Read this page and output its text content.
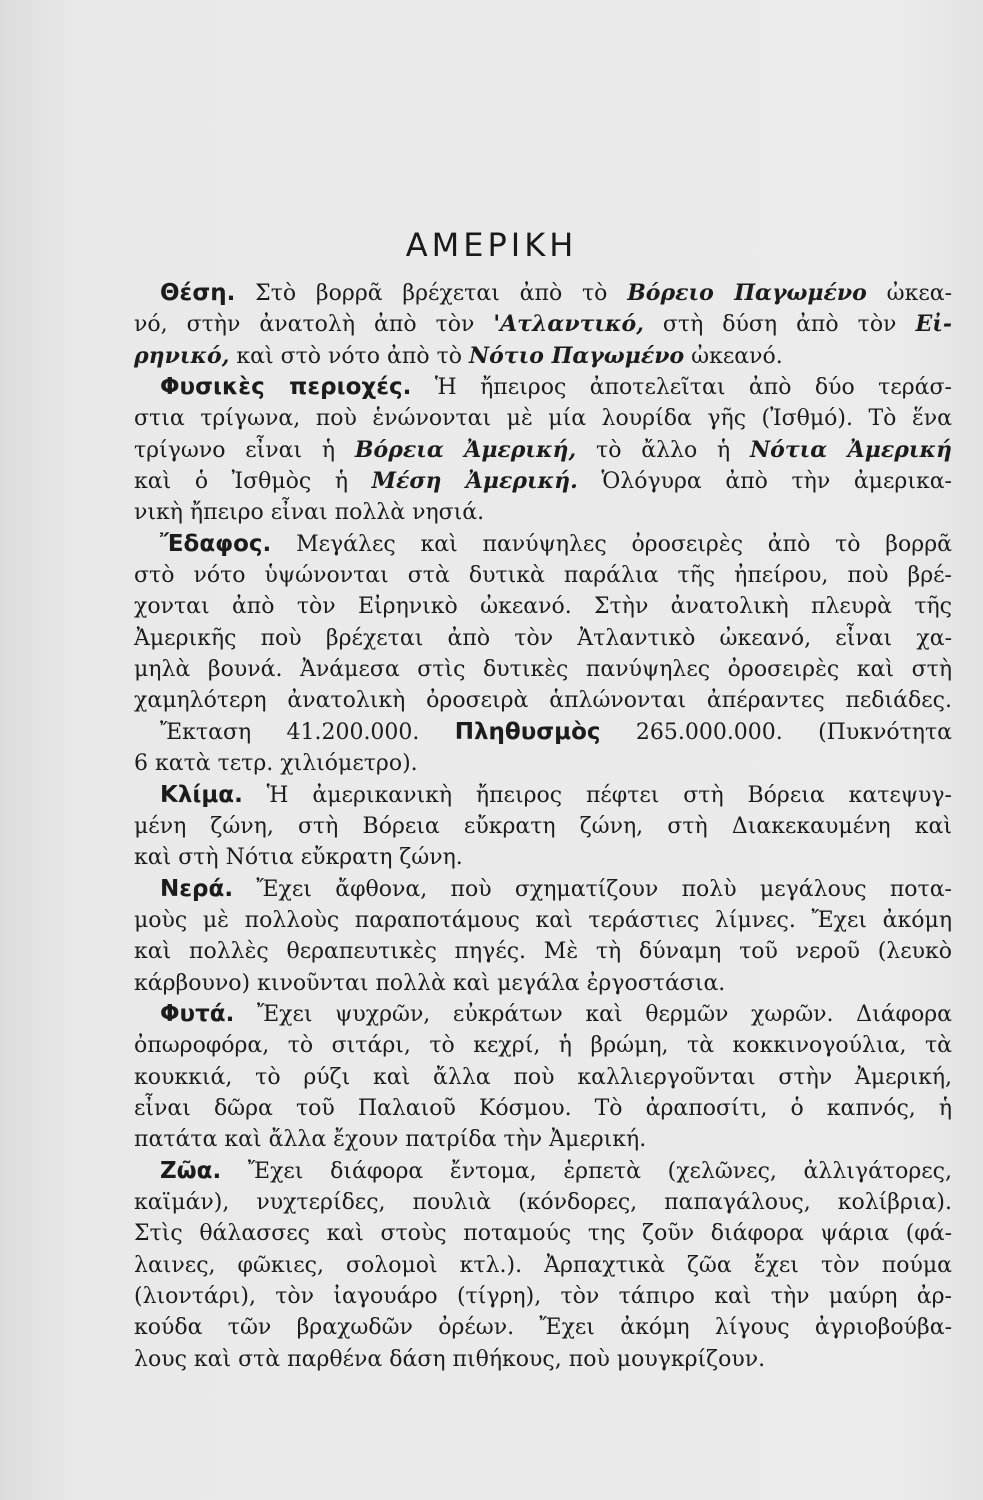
ΑΜΕΡΙΚΗ
Θέση. Στὸ βορρᾶ βρέχεται ἀπὸ τὸ Βόρειο Παγωμένο ὠκεα-
νό, στὴν ἀνατολὴ ἀπὸ τὸν 'Ατλαντικό, στὴ δύση ἀπὸ τὸν Εἰ-
ρηνικό, καὶ στὸ νότο ἀπὸ τὸ Νότιο Παγωμένο ὠκεανό.
Φυσικὲς περιοχές. Ἡ ἤπειρος ἀποτελεῖται ἀπὸ δύο τεράσ-
στια τρίγωνα, ποὺ ἑνώνονται μὲ μία λουρίδα γῆς (Ἰσθμό). Τὸ ἕνα
τρίγωνο εἶναι ἡ Βόρεια Ἀμερική, τὸ ἄλλο ἡ Νότια Ἀμερική
καὶ ὁ Ἰσθμὸς ἡ Μέση Ἀμερική. Ὁλόγυρα ἀπὸ τὴν ἀμερικα-
νικὴ ἤπειρο εἶναι πολλὰ νησιά.
Ἔδαφος. Μεγάλες καὶ πανύψηλες ὀροσειρὲς ἀπὸ τὸ βορρᾶ
στὸ νότο ὑψώνονται στὰ δυτικὰ παράλια τῆς ἠπείρου, ποὺ βρέ-
χονται ἀπὸ τὸν Εἰρηνικὸ ὠκεανό. Στὴν ἀνατολικὴ πλευρὰ τῆς
Ἀμερικῆς ποὺ βρέχεται ἀπὸ τὸν Ἀτλαντικὸ ὠκεανό, εἶναι χα-
μηλὰ βουνά. Ἀνάμεσα στὶς δυτικὲς πανύψηλες ὀροσειρὲς καὶ στὴ
χαμηλότερη ἀνατολικὴ ὀροσειρὰ ἁπλώνονται ἀπέραντες πεδιάδες.
Ἔκταση 41.200.000. Πληθυσμὸς 265.000.000. (Πυκνότητα
6 κατὰ τετρ. χιλιόμετρο).
Κλίμα. Ἡ ἀμερικανικὴ ἤπειρος πέφτει στὴ Βόρεια κατεψυγ-
μένη ζώνη, στὴ Βόρεια εὔκρατη ζώνη, στὴ Διακεκαυμένη καὶ
καὶ στὴ Νότια εὔκρατη ζώνη.
Νερά. Ἔχει ἄφθονα, ποὺ σχηματίζουν πολὺ μεγάλους ποτα-
μοὺς μὲ πολλοὺς παραποτάμους καὶ τεράστιες λίμνες. Ἔχει ἀκόμη
καὶ πολλὲς θεραπευτικὲς πηγές. Μὲ τὴ δύναμη τοῦ νεροῦ (λευκὸ
κάρβουνο) κινοῦνται πολλὰ καὶ μεγάλα ἐργοστάσια.
Φυτά. Ἔχει ψυχρῶν, εὐκράτων καὶ θερμῶν χωρῶν. Διάφορα
ὀπωροφόρα, τὸ σιτάρι, τὸ κεχρί, ἡ βρώμη, τὰ κοκκινογούλια, τὰ
κουκκιά, τὸ ρύζι καὶ ἄλλα ποὺ καλλιεργοῦνται στὴν Ἀμερική,
εἶναι δῶρα τοῦ Παλαιοῦ Κόσμου. Τὸ ἀραποσίτι, ὁ καπνός, ἡ
πατάτα καὶ ἄλλα ἔχουν πατρίδα τὴν Ἀμερική.
Ζῶα. Ἔχει διάφορα ἔντομα, ἑρπετὰ (χελῶνες, ἀλλιγάτορες,
καϊμάν), νυχτερίδες, πουλιὰ (κόνδορες, παπαγάλους, κολίβρια).
Στὶς θάλασσες καὶ στοὺς ποταμούς της ζοῦν διάφορα ψάρια (φά-
λαινες, φῶκιες, σολομοὶ κτλ.). Ἀρπαχτικὰ ζῶα ἔχει τὸν πούμα
(λιοντάρι), τὸν ἰαγουάρο (τίγρη), τὸν τάπιρο καὶ τὴν μαύρη ἀρ-
κούδα τῶν βραχωδῶν ὀρέων. Ἔχει ἀκόμη λίγους ἀγριοβούβα-
λους καὶ στὰ παρθένα δάση πιθήκους, ποὺ μουγκρίζουν.
